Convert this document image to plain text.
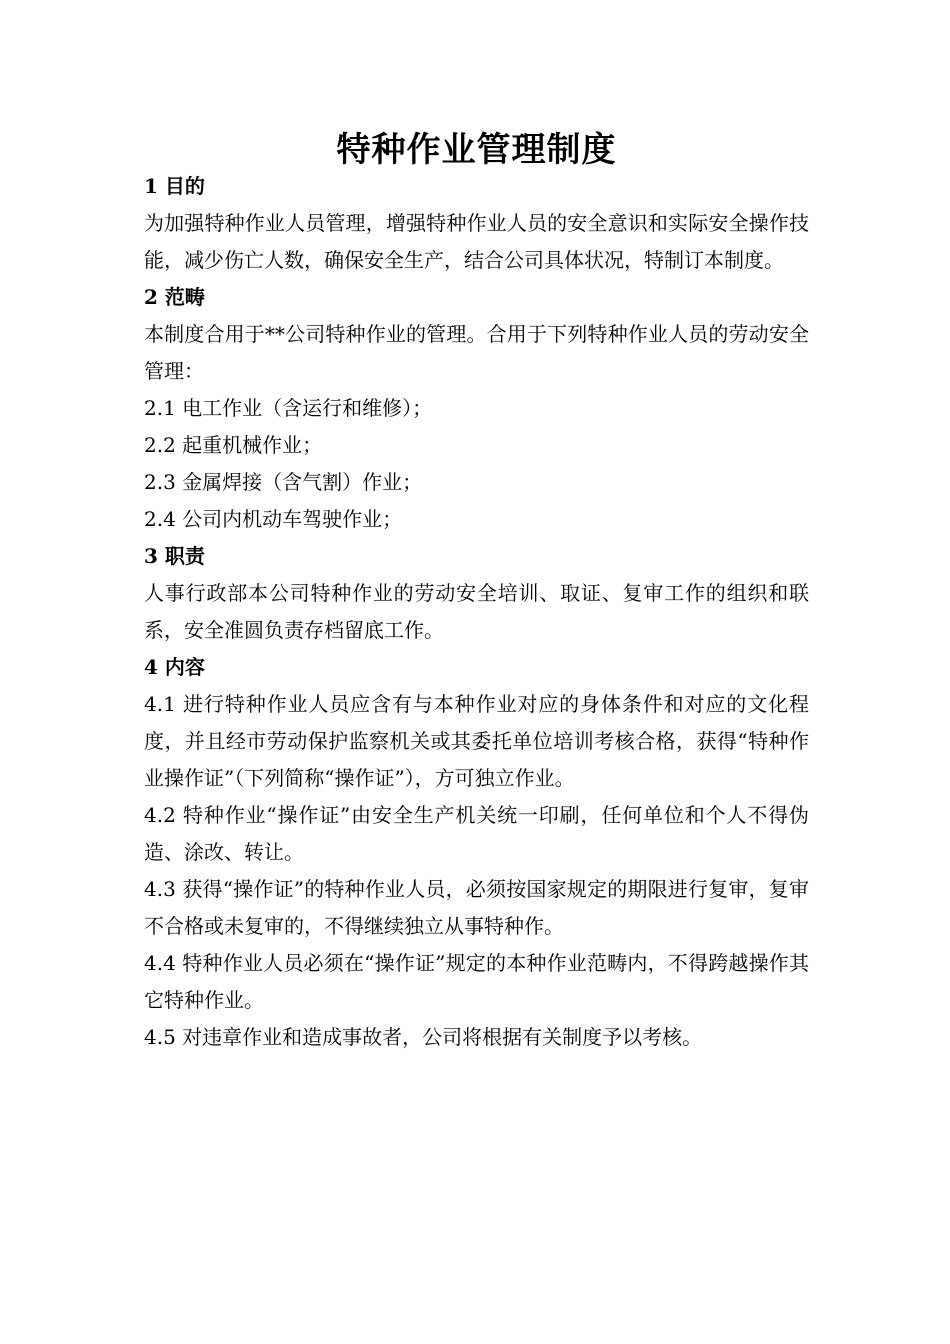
特种作业管理制度

1 目的

为加强特种作业人员管理，增强特种作业人员的安全意识和实际安全操作技能，减少伤亡人数，确保安全生产，结合公司具体状况，特制订本制度。

2 范畴

本制度合用于**公司特种作业的管理。合用于下列特种作业人员的劳动安全管理：

2.1 电工作业（含运行和维修）；

2.2 起重机械作业；

2.3 金属焊接（含气割）作业；

2.4 公司内机动车驾驶作业；

3 职责

人事行政部本公司特种作业的劳动安全培训、取证、复审工作的组织和联系，安全准圆负责存档留底工作。

4 内容

4.1 进行特种作业人员应含有与本种作业对应的身体条件和对应的文化程度，并且经市劳动保护监察机关或其委托单位培训考核合格，获得“特种作业操作证”（下列简称“操作证”），方可独立作业。

4.2 特种作业“操作证”由安全生产机关统一印刷，任何单位和个人不得伪造、涂改、转让。

4.3 获得“操作证”的特种作业人员，必须按国家规定的期限进行复审，复审不合格或未复审的，不得继续独立从事特种作。

4.4 特种作业人员必须在“操作证”规定的本种作业范畴内，不得跨越操作其它特种作业。

4.5 对违章作业和造成事故者，公司将根据有关制度予以考核。
